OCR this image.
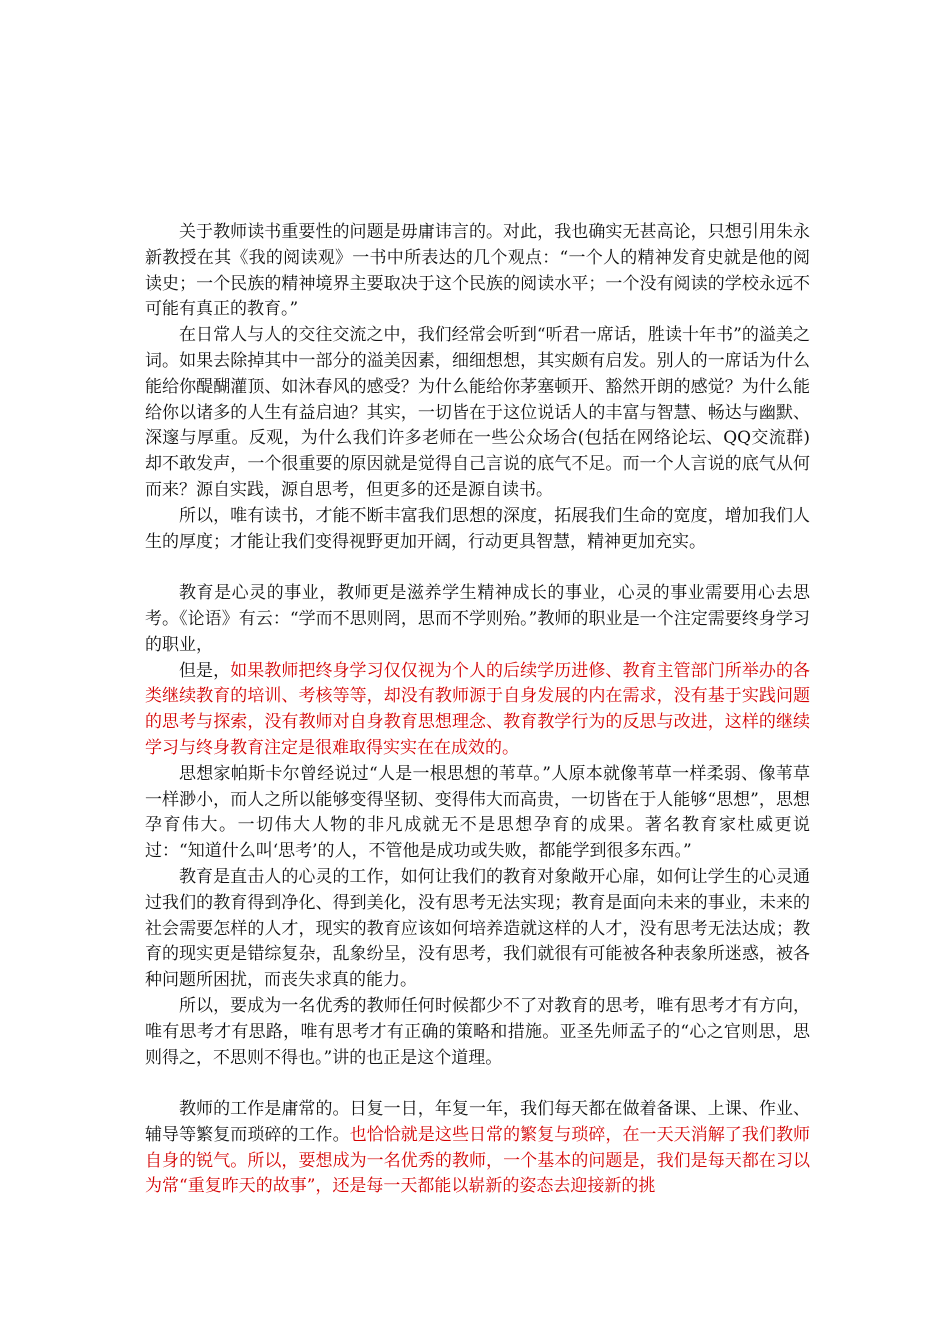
关于教师读书重要性的问题是毋庸讳言的。对此，我也确实无甚高论，只想引用朱永新教授在其《我的阅读观》一书中所表达的几个观点：“一个人的精神发育史就是他的阅读史；一个民族的精神境界主要取决于这个民族的阅读水平；一个没有阅读的学校永远不可能有真正的教育。”

在日常人与人的交往交流之中，我们经常会听到“听君一席话，胜读十年书”的溢美之词。如果去除掉其中一部分的溢美因素，细细想想，其实颇有启发。别人的一席话为什么能给你醍醐灌顶、如沐春风的感受？为什么能给你茅塞顿开、豁然开朗的感觉？为什么能给你以诸多的人生有益启迪？其实，一切皆在于这位说话人的丰富与智慧、畅达与幽默、深邃与厚重。反观，为什么我们许多老师在一些公众场合(包括在网络论坛、QQ交流群)却不敢发声，一个很重要的原因就是觉得自己言说的底气不足。而一个人言说的底气从何而来？源自实践，源自思考，但更多的还是源自读书。

所以，唯有读书，才能不断丰富我们思想的深度，拓展我们生命的宽度，增加我们人生的厚度；才能让我们变得视野更加开阔，行动更具智慧，精神更加充实。

教育是心灵的事业，教师更是滋养学生精神成长的事业，心灵的事业需要用心去思考。《论语》有云：“学而不思则罔，思而不学则殆。”教师的职业是一个注定需要终身学习的职业，

但是，如果教师把终身学习仅仅视为个人的后续学历进修、教育主管部门所举办的各类继续教育的培训、考核等等，却没有教师源于自身发展的内在需求，没有基于实践问题的思考与探索，没有教师对自身教育思想理念、教育教学行为的反思与改进，这样的继续学习与终身教育注定是很难取得实实在在成效的。

思想家帕斯卡尔曾经说过“人是一根思想的苇草。”人原本就像苇草一样柔弱、像苇草一样渺小，而人之所以能够变得坚韧、变得伟大而高贵，一切皆在于人能够“思想”，思想孕育伟大。一切伟大人物的非凡成就无不是思想孕育的成果。著名教育家杜威更说过：“知道什么叫‘思考’的人，不管他是成功或失败，都能学到很多东西。”

教育是直击人的心灵的工作，如何让我们的教育对象敞开心扉，如何让学生的心灵通过我们的教育得到净化、得到美化，没有思考无法实现；教育是面向未来的事业，未来的社会需要怎样的人才，现实的教育应该如何培养造就这样的人才，没有思考无法达成；教育的现实更是错综复杂，乱象纷呈，没有思考，我们就很有可能被各种表象所迷惑，被各种问题所困扰，而丧失求真的能力。

所以，要成为一名优秀的教师任何时候都少不了对教育的思考，唯有思考才有方向，唯有思考才有思路，唯有思考才有正确的策略和措施。亚圣先师孟子的“心之官则思，思则得之，不思则不得也。”讲的也正是这个道理。

教师的工作是庸常的。日复一日，年复一年，我们每天都在做着备课、上课、作业、辅导等繁复而琐碎的工作。也恰恰就是这些日常的繁复与琐碎，在一天天消解了我们教师自身的锐气。所以，要想成为一名优秀的教师，一个基本的问题是，我们是每天都在习以为常“重复昨天的故事”，还是每一天都能以崭新的姿态去迎接新的挑
